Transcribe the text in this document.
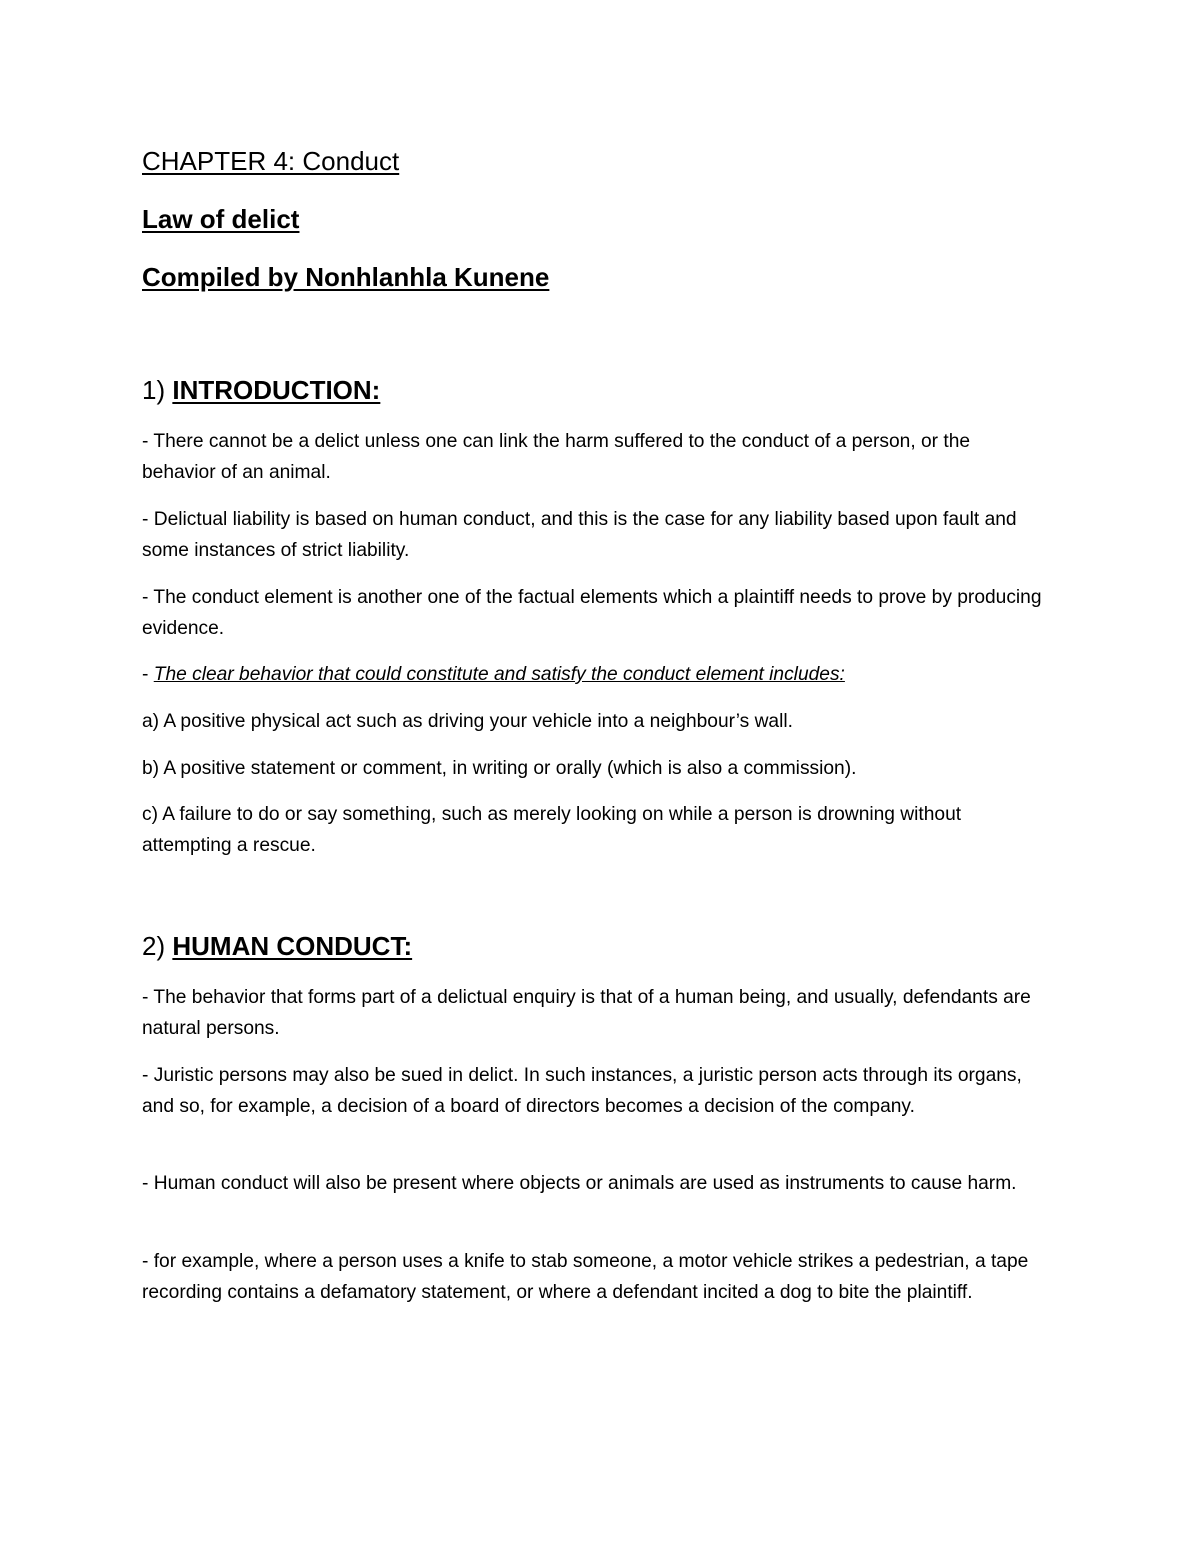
CHAPTER 4: Conduct
Law of delict
Compiled by Nonhlanhla Kunene
1) INTRODUCTION:
- There cannot be a delict unless one can link the harm suffered to the conduct of a person, or the behavior of an animal.
- Delictual liability is based on human conduct, and this is the case for any liability based upon fault and some instances of strict liability.
- The conduct element is another one of the factual elements which a plaintiff needs to prove by producing evidence.
- The clear behavior that could constitute and satisfy the conduct element includes:
a) A positive physical act such as driving your vehicle into a neighbour’s wall.
b) A positive statement or comment, in writing or orally (which is also a commission).
c) A failure to do or say something, such as merely looking on while a person is drowning without attempting a rescue.
2) HUMAN CONDUCT:
- The behavior that forms part of a delictual enquiry is that of a human being, and usually, defendants are natural persons.
- Juristic persons may also be sued in delict. In such instances, a juristic person acts through its organs, and so, for example, a decision of a board of directors becomes a decision of the company.
- Human conduct will also be present where objects or animals are used as instruments to cause harm.
- for example, where a person uses a knife to stab someone, a motor vehicle strikes a pedestrian, a tape recording contains a defamatory statement, or where a defendant incited a dog to bite the plaintiff.
